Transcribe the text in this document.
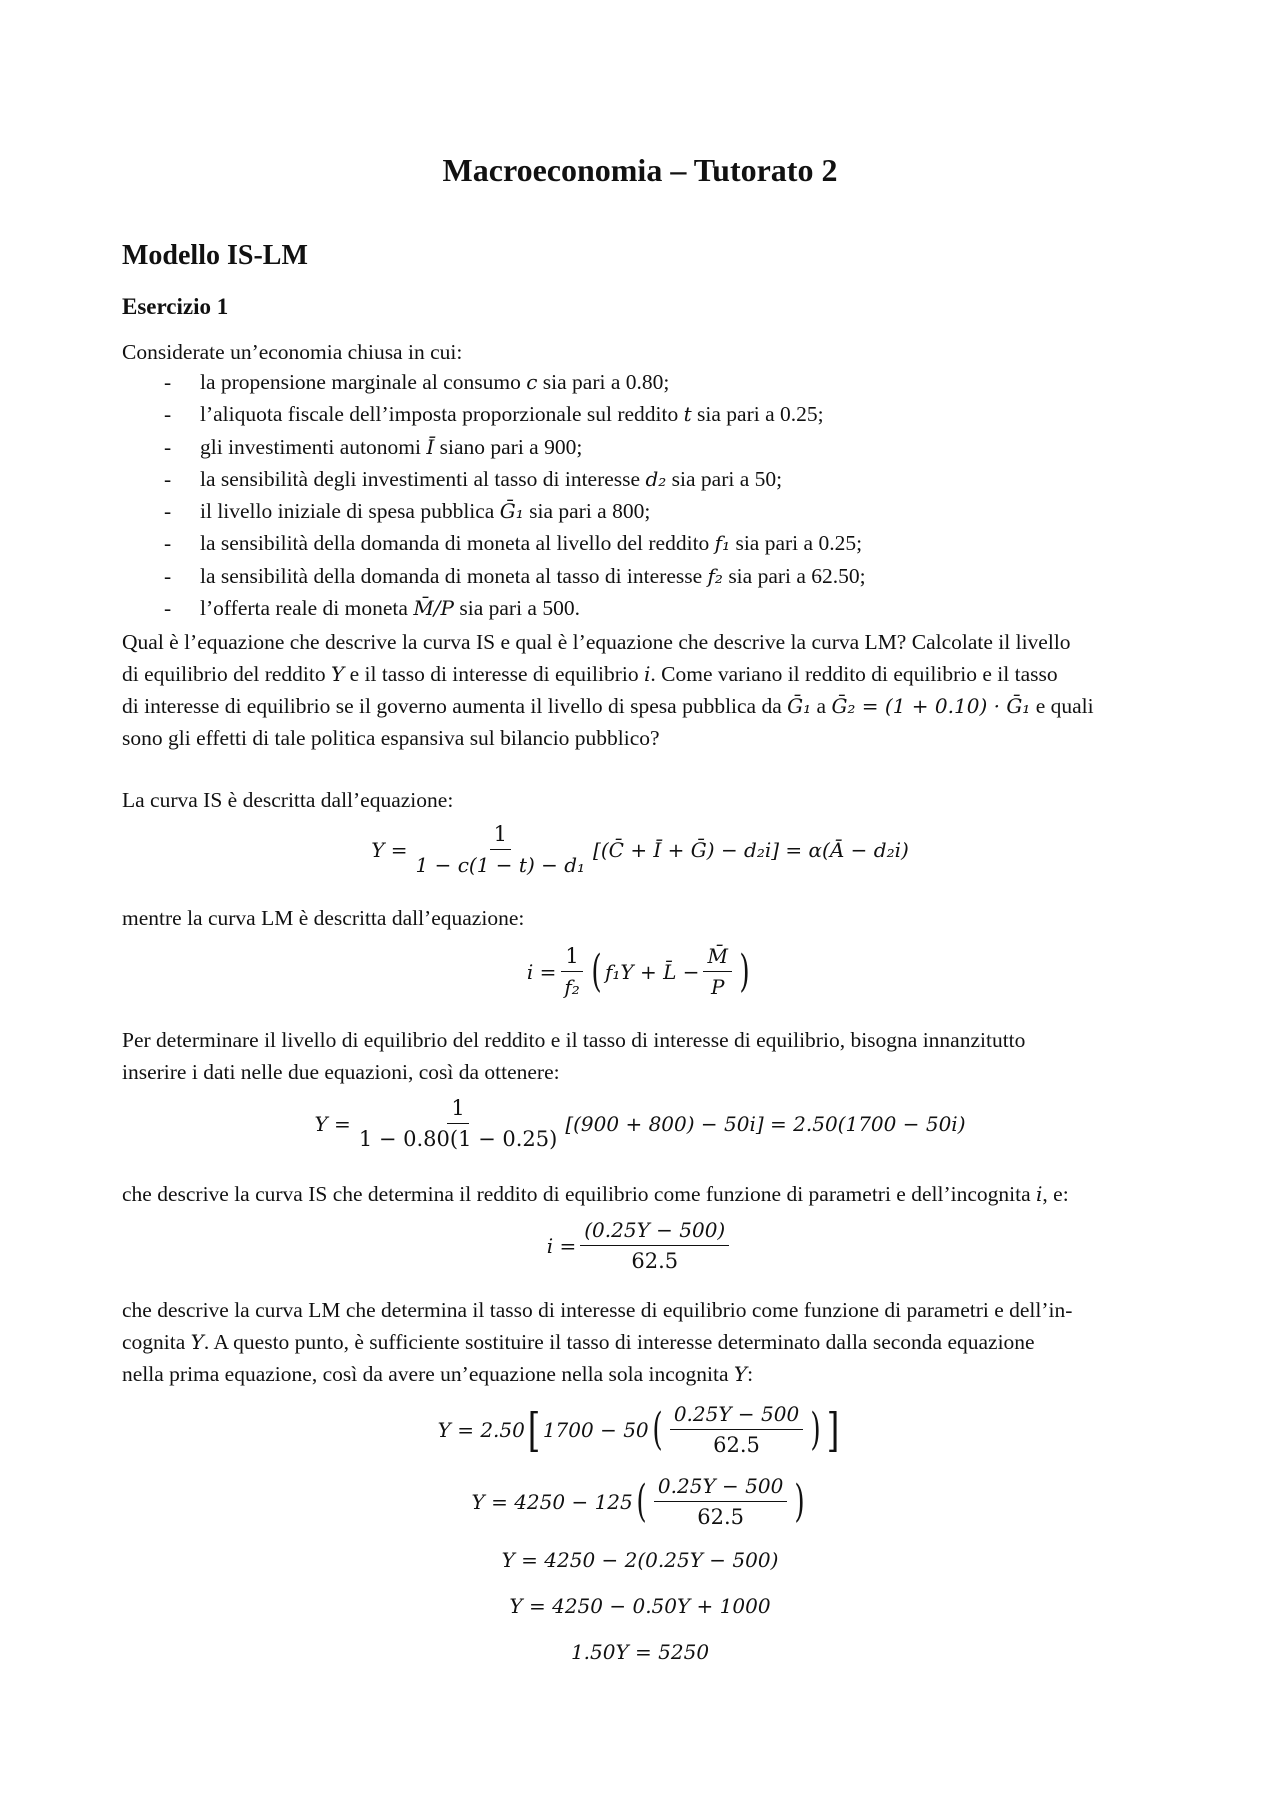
Macroeconomia – Tutorato 2
Modello IS-LM
Esercizio 1
Considerate un’economia chiusa in cui:
- la propensione marginale al consumo c sia pari a 0.80;
- l’aliquota fiscale dell’imposta proporzionale sul reddito t sia pari a 0.25;
- gli investimenti autonomi Ī siano pari a 900;
- la sensibilità degli investimenti al tasso di interesse d₂ sia pari a 50;
- il livello iniziale di spesa pubblica Ḡ₁ sia pari a 800;
- la sensibilità della domanda di moneta al livello del reddito f₁ sia pari a 0.25;
- la sensibilità della domanda di moneta al tasso di interesse f₂ sia pari a 62.50;
- l’offerta reale di moneta M̄/P sia pari a 500.
Qual è l’equazione che descrive la curva IS e qual è l’equazione che descrive la curva LM? Calcolate il livello
di equilibrio del reddito Y e il tasso di interesse di equilibrio i. Come variano il reddito di equilibrio e il tasso
di interesse di equilibrio se il governo aumenta il livello di spesa pubblica da Ḡ₁ a Ḡ₂ = (1 + 0.10) · Ḡ₁ e quali
sono gli effetti di tale politica espansiva sul bilancio pubblico?
La curva IS è descritta dall’equazione:
$Y = \frac{1}{\text{1 − c(1 − t) − d₁}}$ [(C̄ + Ī + Ḡ) − d₂i] = α(Ā − d₂i)
mentre la curva LM è descritta dall’equazione:
$i = \frac{1}{\text{f₂}}$ ( f₁Y + L̄ − $\frac{M̄}{P}$ )
Per determinare il livello di equilibrio del reddito e il tasso di interesse di equilibrio, bisogna innanzitutto
inserire i dati nelle due equazioni, così da ottenere:
$Y = \frac{1}{1 - 0.80(1 - 0.25)} [(900 + 800) - 50i] = 2.50(1700 - 50i)$
che descrive la curva IS che determina il reddito di equilibrio come funzione di parametri e dell’incognita i, e:
$i = \frac{(0.25Y - 500)}{62.5}$
che descrive la curva LM che determina il tasso di interesse di equilibrio come funzione di parametri e dell’in-
cognita Y. A questo punto, è sufficiente sostituire il tasso di interesse determinato dalla seconda equazione
nella prima equazione, così da avere un’equazione nella sola incognita Y:
Y = 2.50 [ 1700 − 50 ( $\frac{0.25Y - 500}{62.5}$ ) ]
Y = 4250 − 125 ( $\frac{0.25Y - 500}{62.5}$ )
Y = 4250 − 2(0.25Y − 500)
Y = 4250 − 0.50Y + 1000
1.50Y = 5250
